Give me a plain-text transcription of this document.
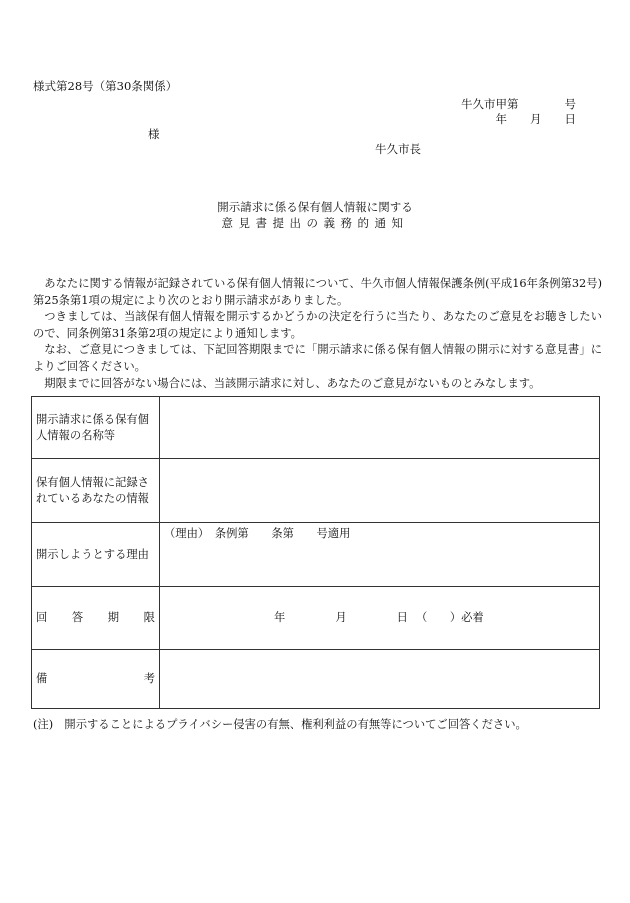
様式第28号（第30条関係）
牛久市甲第　　　　号
年　　月　　日
様
牛久市長
開示請求に係る保有個人情報に関する
意見書提出の義務的通知

あなたに関する情報が記録されている保有個人情報について、牛久市個人情報保護条例(平成16年条例第32号)第25条第1項の規定により次のとおり開示請求がありました。

つきましては、当該保有個人情報を開示するかどうかの決定を行うに当たり、あなたのご意見をお聴きしたいので、同条例第31条第2項の規定により通知します。

なお、ご意見につきましては、下記回答期限までに「開示請求に係る保有個人情報の開示に対する意見書」によりご回答ください。

期限までに回答がない場合には、当該開示請求に対し、あなたのご意見がないものとみなします。

開示請求に係る保有個人情報の名称等	
保有個人情報に記録されているあなたの情報	
開示しようとする理由	（理由）　条例第　　条第　　号適用

回 答 期 限	年 月 日 （　　）必着

備 考	

(注)　開示することによるプライバシー侵害の有無、権利利益の有無等についてご回答ください。
